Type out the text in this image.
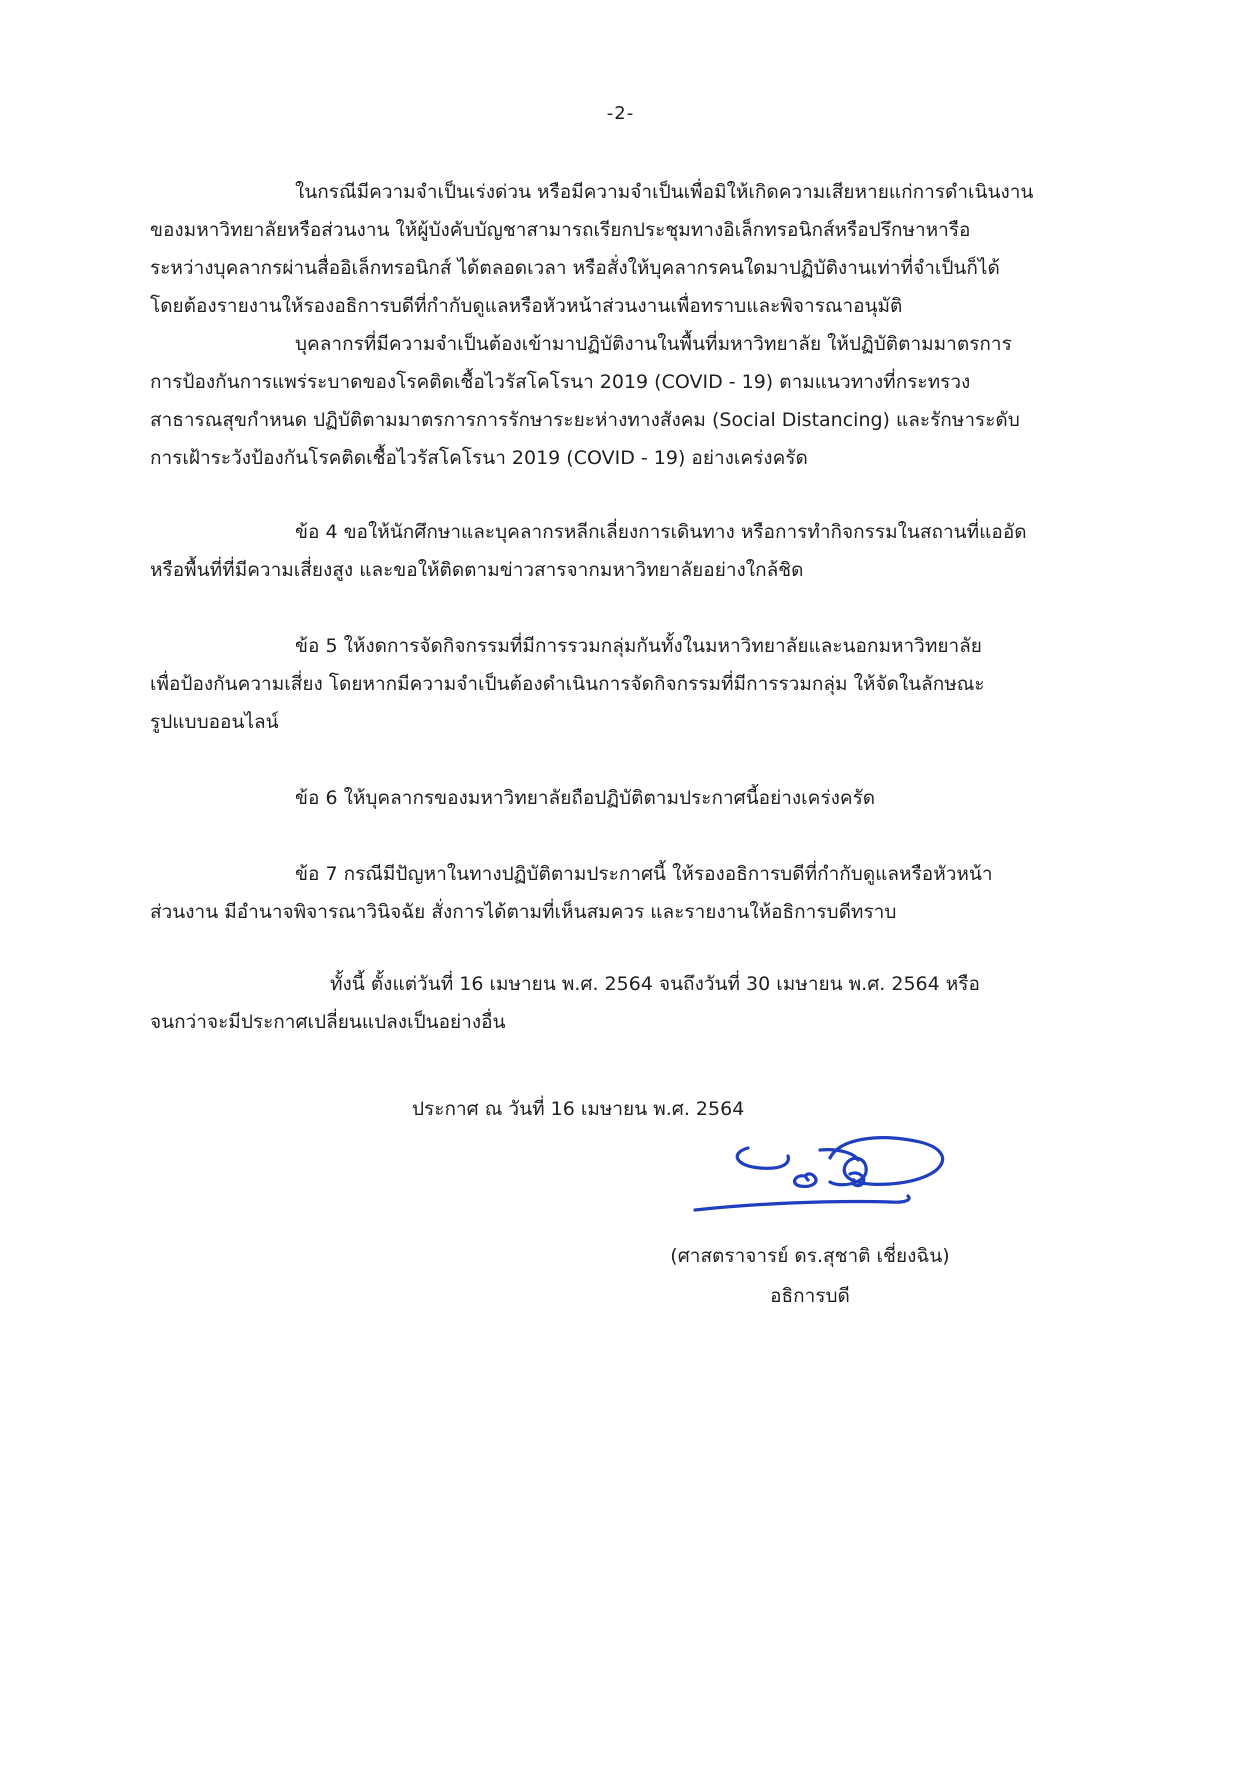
-2-
ในกรณีมีความจำเป็นเร่งด่วน หรือมีความจำเป็นเพื่อมิให้เกิดความเสียหายแก่การดำเนินงาน
ของมหาวิทยาลัยหรือส่วนงาน ให้ผู้บังคับบัญชาสามารถเรียกประชุมทางอิเล็กทรอนิกส์หรือปรึกษาหารือ
ระหว่างบุคลากรผ่านสื่ออิเล็กทรอนิกส์ ได้ตลอดเวลา หรือสั่งให้บุคลากรคนใดมาปฏิบัติงานเท่าที่จำเป็นก็ได้
โดยต้องรายงานให้รองอธิการบดีที่กำกับดูแลหรือหัวหน้าส่วนงานเพื่อทราบและพิจารณาอนุมัติ
บุคลากรที่มีความจำเป็นต้องเข้ามาปฏิบัติงานในพื้นที่มหาวิทยาลัย ให้ปฏิบัติตามมาตรการ
การป้องกันการแพร่ระบาดของโรคติดเชื้อไวรัสโคโรนา 2019 (COVID - 19) ตามแนวทางที่กระทรวง
สาธารณสุขกำหนด ปฏิบัติตามมาตรการการรักษาระยะห่างทางสังคม (Social Distancing) และรักษาระดับ
การเฝ้าระวังป้องกันโรคติดเชื้อไวรัสโคโรนา 2019 (COVID - 19) อย่างเคร่งครัด
ข้อ 4 ขอให้นักศึกษาและบุคลากรหลีกเลี่ยงการเดินทาง หรือการทำกิจกรรมในสถานที่แออัด
หรือพื้นที่ที่มีความเสี่ยงสูง และขอให้ติดตามข่าวสารจากมหาวิทยาลัยอย่างใกล้ชิด
ข้อ 5 ให้งดการจัดกิจกรรมที่มีการรวมกลุ่มกันทั้งในมหาวิทยาลัยและนอกมหาวิทยาลัย
เพื่อป้องกันความเสี่ยง โดยหากมีความจำเป็นต้องดำเนินการจัดกิจกรรมที่มีการรวมกลุ่ม ให้จัดในลักษณะ
รูปแบบออนไลน์
ข้อ 6 ให้บุคลากรของมหาวิทยาลัยถือปฏิบัติตามประกาศนี้อย่างเคร่งครัด
ข้อ 7 กรณีมีปัญหาในทางปฏิบัติตามประกาศนี้ ให้รองอธิการบดีที่กำกับดูแลหรือหัวหน้า
ส่วนงาน มีอำนาจพิจารณาวินิจฉัย สั่งการได้ตามที่เห็นสมควร และรายงานให้อธิการบดีทราบ
ทั้งนี้ ตั้งแต่วันที่ 16 เมษายน พ.ศ. 2564 จนถึงวันที่ 30 เมษายน พ.ศ. 2564 หรือ
จนกว่าจะมีประกาศเปลี่ยนแปลงเป็นอย่างอื่น
ประกาศ ณ วันที่ 16 เมษายน พ.ศ. 2564
(ศาสตราจารย์ ดร.สุชาติ เชี่ยงฉิน)
อธิการบดี
